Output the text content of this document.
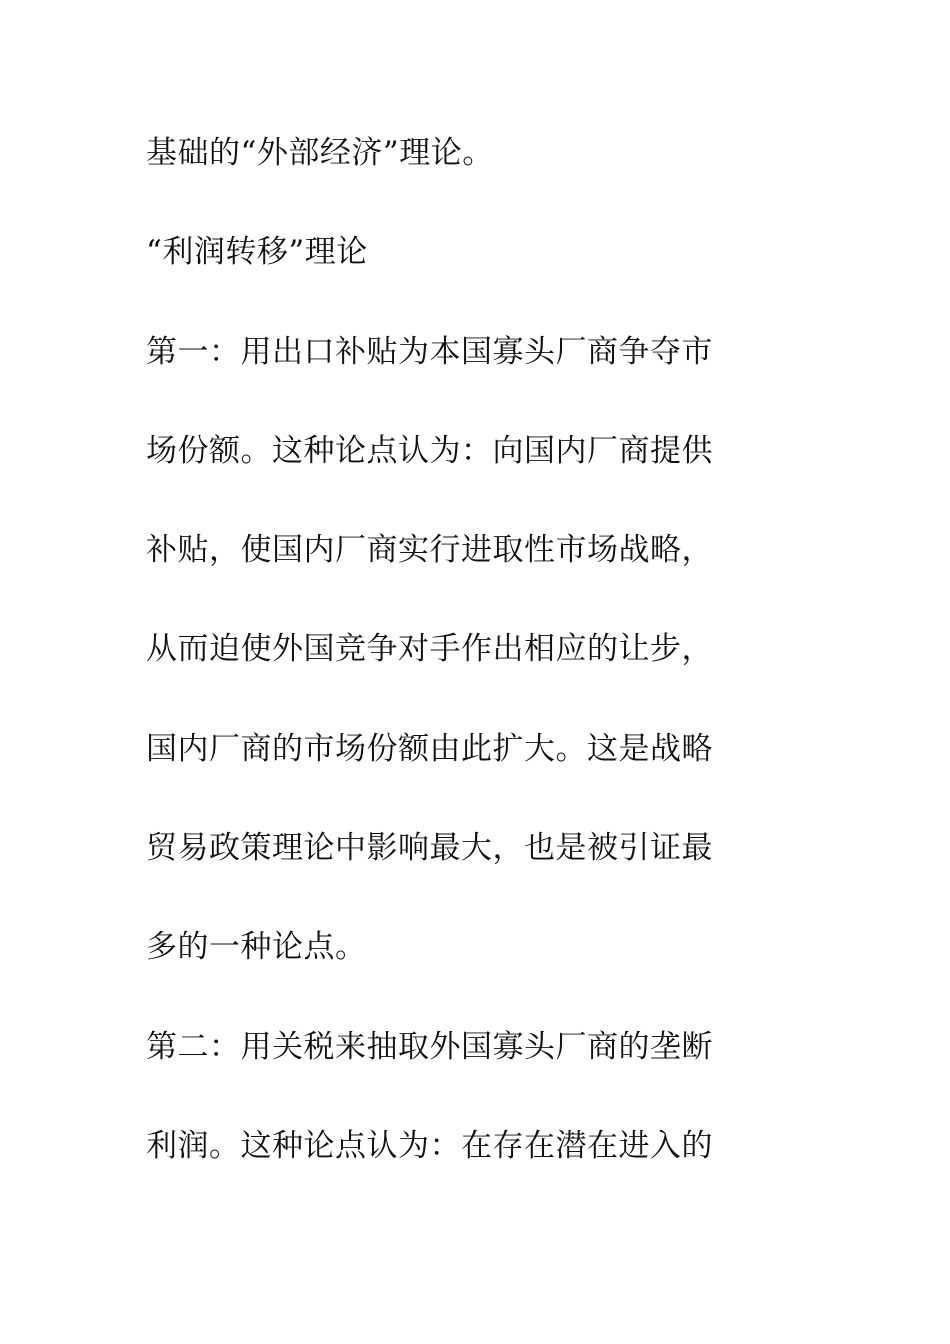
基础的“外部经济”理论。
“利润转移”理论
第一：用出口补贴为本国寡头厂商争夺市
场份额。这种论点认为：向国内厂商提供
补贴，使国内厂商实行进取性市场战略，
从而迫使外国竞争对手作出相应的让步，
国内厂商的市场份额由此扩大。这是战略
贸易政策理论中影响最大，也是被引证最
多的一种论点。
第二：用关税来抽取外国寡头厂商的垄断
利润。这种论点认为：在存在潜在进入的
